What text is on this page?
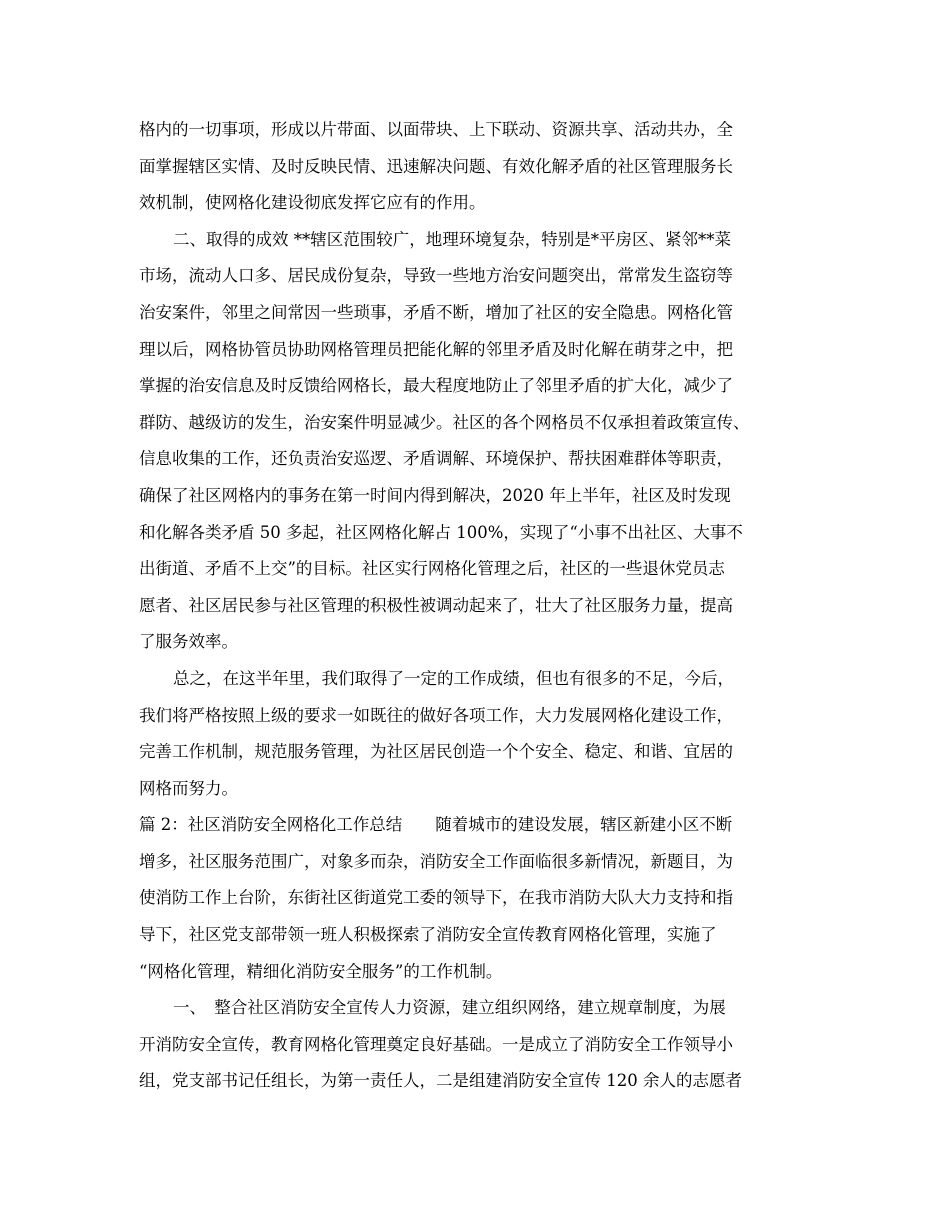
格内的一切事项，形成以片带面、以面带块、上下联动、资源共享、活动共办，全
面掌握辖区实情、及时反映民情、迅速解决问题、有效化解矛盾的社区管理服务长
效机制，使网格化建设彻底发挥它应有的作用。
二、取得的成效 **辖区范围较广，地理环境复杂，特别是*平房区、紧邻**菜
市场，流动人口多、居民成份复杂，导致一些地方治安问题突出，常常发生盗窃等
治安案件，邻里之间常因一些琐事，矛盾不断，增加了社区的安全隐患。网格化管
理以后，网格协管员协助网格管理员把能化解的邻里矛盾及时化解在萌芽之中，把
掌握的治安信息及时反馈给网格长，最大程度地防止了邻里矛盾的扩大化，减少了
群防、越级访的发生，治安案件明显减少。社区的各个网格员不仅承担着政策宣传、
信息收集的工作，还负责治安巡逻、矛盾调解、环境保护、帮扶困难群体等职责，
确保了社区网格内的事务在第一时间内得到解决，2020 年上半年，社区及时发现
和化解各类矛盾 50 多起，社区网格化解占 100%，实现了“小事不出社区、大事不
出街道、矛盾不上交”的目标。社区实行网格化管理之后，社区的一些退休党员志
愿者、社区居民参与社区管理的积极性被调动起来了，壮大了社区服务力量，提高
了服务效率。
总之，在这半年里，我们取得了一定的工作成绩，但也有很多的不足，今后，
我们将严格按照上级的要求一如既往的做好各项工作，大力发展网格化建设工作，
完善工作机制，规范服务管理，为社区居民创造一个个安全、稳定、和谐、宜居的
网格而努力。
篇 2：社区消防安全网格化工作总结　　随着城市的建设发展，辖区新建小区不断
增多，社区服务范围广，对象多而杂，消防安全工作面临很多新情况，新题目，为
使消防工作上台阶，东街社区街道党工委的领导下，在我市消防大队大力支持和指
导下，社区党支部带领一班人积极探索了消防安全宣传教育网格化管理，实施了
“网格化管理，精细化消防安全服务”的工作机制。
一、　整合社区消防安全宣传人力资源，建立组织网络，建立规章制度，为展
开消防安全宣传，教育网格化管理奠定良好基础。一是成立了消防安全工作领导小
组，党支部书记任组长，为第一责任人，二是组建消防安全宣传 120 余人的志愿者
